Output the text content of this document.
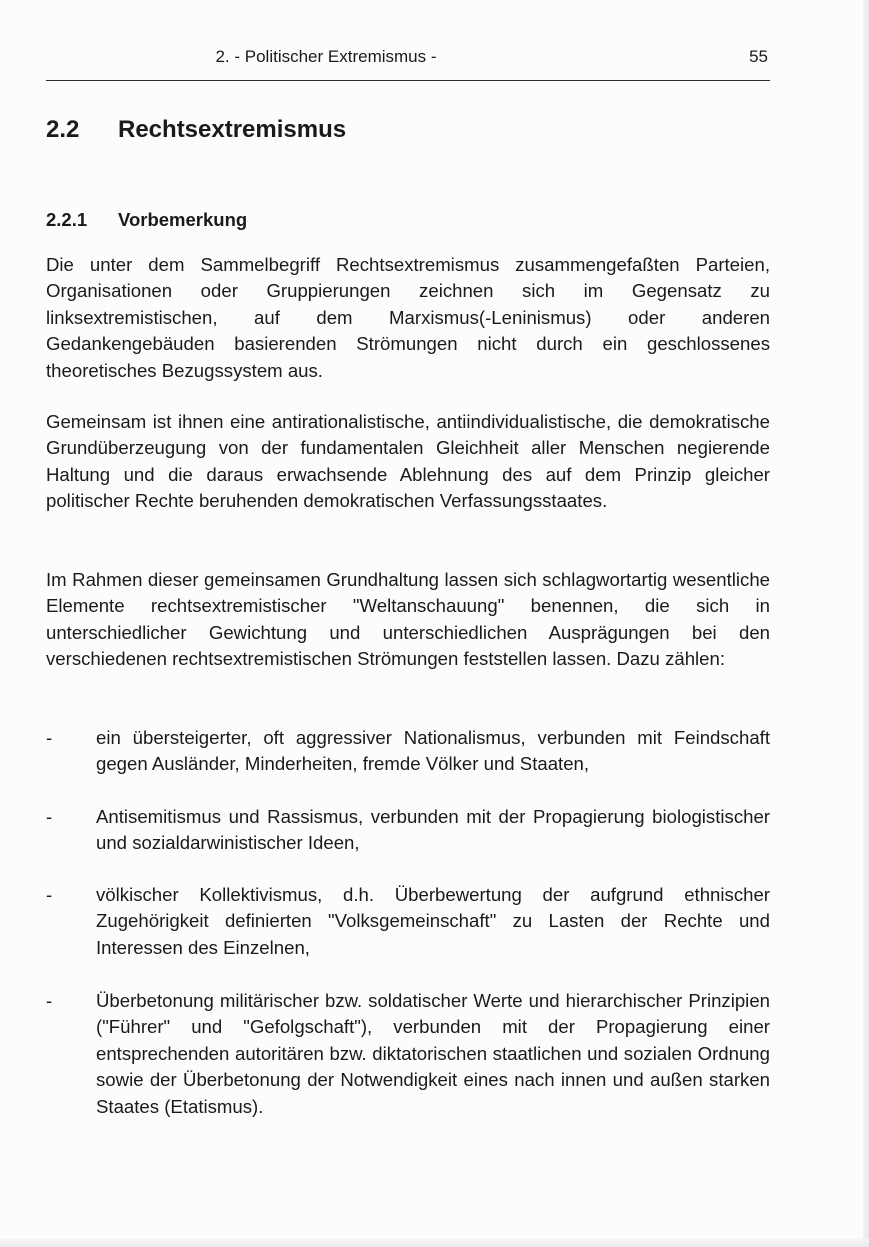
2. - Politischer Extremismus -	55
2.2 Rechtsextremismus
2.2.1 Vorbemerkung
Die unter dem Sammelbegriff Rechtsextremismus zusammengefaßten Parteien, Organisationen oder Gruppierungen zeichnen sich im Gegensatz zu linksextremistischen, auf dem Marxismus(-Leninismus) oder anderen Gedankengebäuden basierenden Strömungen nicht durch ein geschlossenes theoretisches Bezugssystem aus.
Gemeinsam ist ihnen eine antirationalistische, antiindividualistische, die demokratische Grundüberzeugung von der fundamentalen Gleichheit aller Menschen negierende Haltung und die daraus erwachsende Ablehnung des auf dem Prinzip gleicher politischer Rechte beruhenden demokratischen Verfassungsstaates.
Im Rahmen dieser gemeinsamen Grundhaltung lassen sich schlagwortartig wesentliche Elemente rechtsextremistischer "Weltanschauung" benennen, die sich in unterschiedlicher Gewichtung und unterschiedlichen Ausprägungen bei den verschiedenen rechtsextremistischen Strömungen feststellen lassen. Dazu zählen:
-	ein übersteigerter, oft aggressiver Nationalismus, verbunden mit Feindschaft gegen Ausländer, Minderheiten, fremde Völker und Staaten,
-	Antisemitismus und Rassismus, verbunden mit der Propagierung biologistischer und sozialdarwinistischer Ideen,
-	völkischer Kollektivismus, d.h. Überbewertung der aufgrund ethnischer Zugehörigkeit definierten "Volksgemeinschaft" zu Lasten der Rechte und Interessen des Einzelnen,
-	Überbetonung militärischer bzw. soldatischer Werte und hierarchischer Prinzipien ("Führer" und "Gefolgschaft"), verbunden mit der Propagierung einer entsprechenden autoritären bzw. diktatorischen staatlichen und sozialen Ordnung sowie der Überbetonung der Notwendigkeit eines nach innen und außen starken Staates (Etatismus).
